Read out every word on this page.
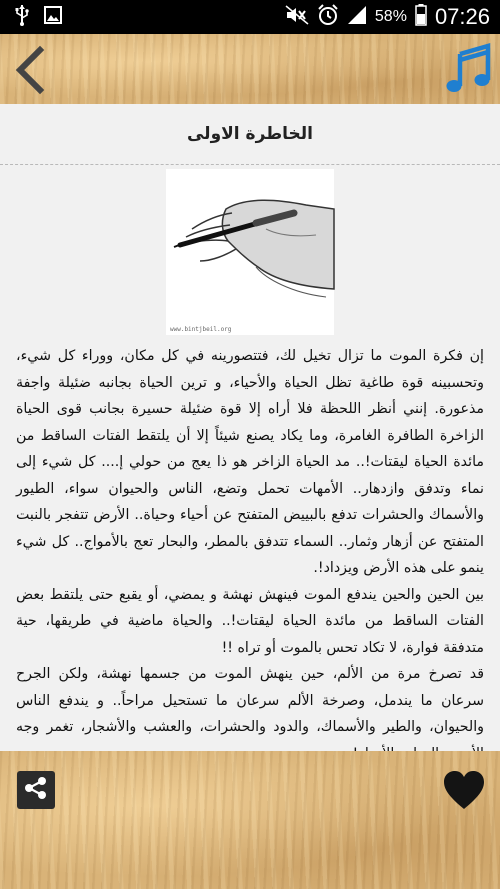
58% 07:26
الخاطرة الاولى
www.bintjbeil.org

إن فكرة الموت ما تزال تخيل لك، فتتصورينه في كل مكان، ووراء كل شيء، وتحسبينه قوة طاغية تظل الحياة والأحياء، و ترين الحياة بجانبه ضئيلة واجفة مذعورة. إنني أنظر اللحظة فلا أراه إلا قوة ضئيلة حسيرة بجانب قوى الحياة الزاخرة الطافرة الغامرة، وما يكاد يصنع شيئاً إلا أن يلتقط الفتات الساقط من مائدة الحياة ليقتات!.. مد الحياة الزاخر هو ذا يعج من حولي إ.... كل شيء إلى نماء وتدفق وازدهار.. الأمهات تحمل وتضع، الناس والحيوان سواء، الطيور والأسماك والحشرات تدفع بالبييض المتفتح عن أحياء وحياة.. الأرض تتفجر بالنبت المتفتح عن أزهار وثمار.. السماء تتدفق بالمطر، والبحار تعج بالأمواج.. كل شيء ينمو على هذه الأرض ويزداد!.

بين الحين والحين يندفع الموت فينهش نهشة و يمضي، أو يقبع حتى يلتقط بعض الفتات الساقط من مائدة الحياة ليقتات!.. والحياة ماضية في طريقها، حية متدفقة فوارة، لا تكاد تحس بالموت أو تراه !!

قد تصرخ مرة من الألم، حين ينهش الموت من جسمها نهشة، ولكن الجرح سرعان ما يندمل، وصرخة الألم سرعان ما تستحيل مراحاً.. و يندفع الناس والحيوان، والطير والأسماك، والدود والحشرات، والعشب والأشجار، تغمر وجه
